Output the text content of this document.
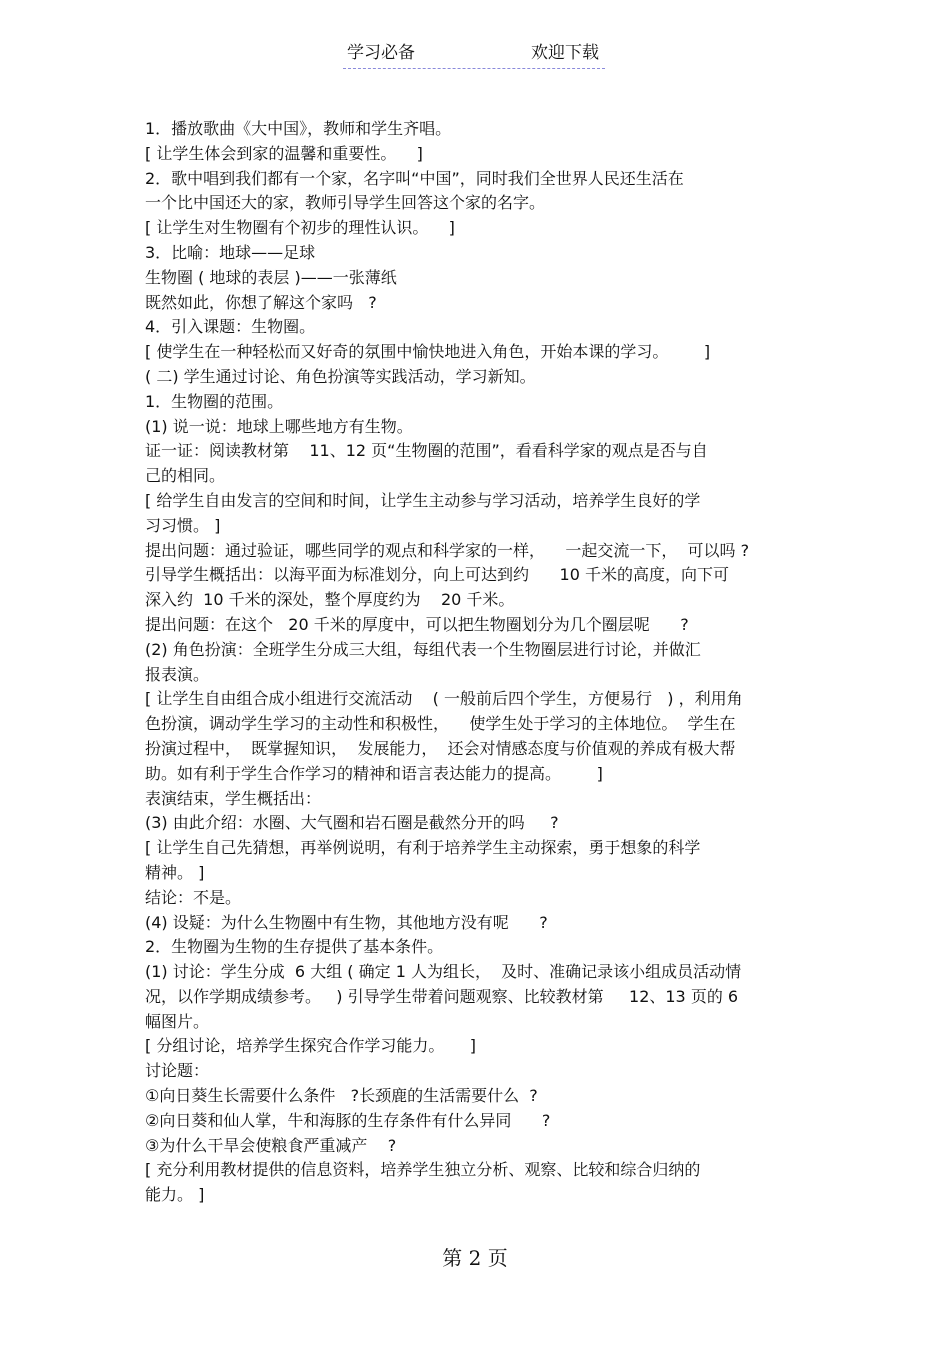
学习必备	欢迎下载
1．播放歌曲《大中国》，教师和学生齐唱。
[ 让学生体会到家的温馨和重要性。    ]
2．歌中唱到我们都有一个家，名字叫“中国”，同时我们全世界人民还生活在
一个比中国还大的家，教师引导学生回答这个家的名字。
[ 让学生对生物圈有个初步的理性认识。    ]
3．比喻：地球——足球
生物圈 ( 地球的表层 )——一张薄纸
既然如此，你想了解这个家吗   ?
4．引入课题：生物圈。
[ 使学生在一种轻松而又好奇的氛围中愉快地进入角色，开始本课的学习。       ]
( 二) 学生通过讨论、角色扮演等实践活动，学习新知。
1．生物圈的范围。
(1) 说一说：地球上哪些地方有生物。
证一证：阅读教材第    11、12 页“生物圈的范围”，看看科学家的观点是否与自
己的相同。
[ 给学生自由发言的空间和时间，让学生主动参与学习活动，培养学生良好的学
习习惯。 ]
提出问题：通过验证，哪些同学的观点和科学家的一样，    一起交流一下，  可以吗 ?
引导学生概括出：以海平面为标准划分，向上可达到约      10 千米的高度，向下可
深入约  10 千米的深处，整个厚度约为    20 千米。
提出问题：在这个   20 千米的厚度中，可以把生物圈划分为几个圈层呢      ?
(2) 角色扮演：全班学生分成三大组，每组代表一个生物圈层进行讨论，并做汇
报表演。
[ 让学生自由组合成小组进行交流活动    ( 一般前后四个学生，方便易行   ) ，利用角
色扮演，调动学生学习的主动性和积极性，    使学生处于学习的主体地位。  学生在
扮演过程中，  既掌握知识，  发展能力，  还会对情感态度与价值观的养成有极大帮
助。如有利于学生合作学习的精神和语言表达能力的提高。       ]
表演结束，学生概括出：
(3) 由此介绍：水圈、大气圈和岩石圈是截然分开的吗     ?
[ 让学生自己先猜想，再举例说明，有利于培养学生主动探索，勇于想象的科学
精神。 ]
结论：不是。
(4) 设疑：为什么生物圈中有生物，其他地方没有呢      ?
2．生物圈为生物的生存提供了基本条件。
(1) 讨论：学生分成  6 大组 ( 确定 1 人为组长，  及时、准确记录该小组成员活动情
况，以作学期成绩参考。   ) 引导学生带着问题观察、比较教材第     12、13 页的 6
幅图片。
[ 分组讨论，培养学生探究合作学习能力。     ]
讨论题：
①向日葵生长需要什么条件   ?长颈鹿的生活需要什么  ?
②向日葵和仙人掌，牛和海豚的生存条件有什么异同      ?
③为什么干旱会使粮食严重减产    ?
[ 充分利用教材提供的信息资料，培养学生独立分析、观察、比较和综合归纳的
能力。 ]
第 2 页
